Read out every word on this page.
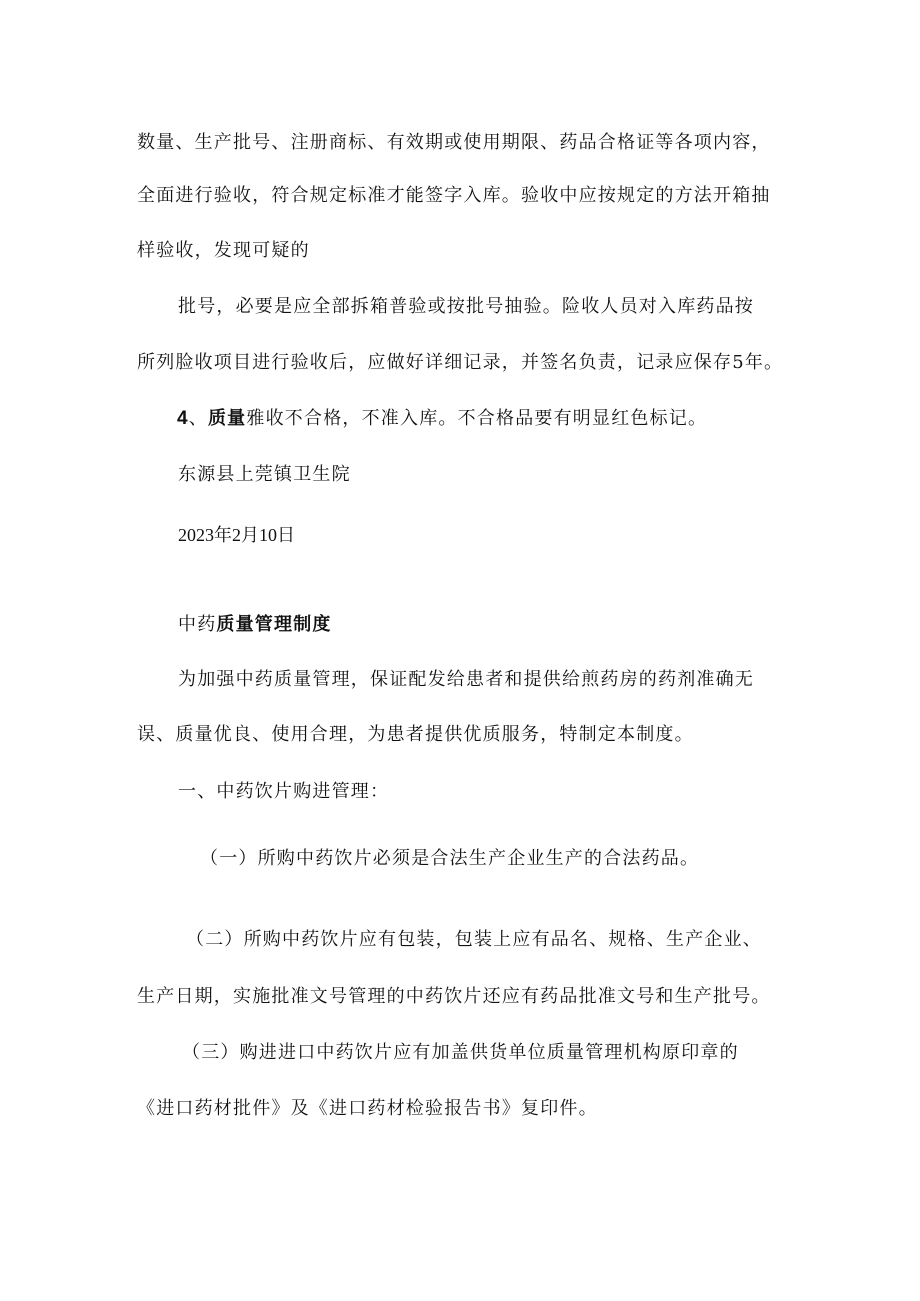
数量、生产批号、注册商标、有效期或使用期限、药品合格证等各项内容，
全面进行验收，符合规定标准才能签字入库。验收中应按规定的方法开箱抽
样验收，发现可疑的
批号，必要是应全部拆箱普验或按批号抽验。险收人员对入库药品按
所列脸收项目进行验收后，应做好详细记录，并签名负责，记录应保存5年。
4、质量雅收不合格，不准入库。不合格品要有明显红色标记。
东源县上莞镇卫生院
2023年2月10日
中药质量管理制度
为加强中药质量管理，保证配发给患者和提供给煎药房的药剂准确无
误、质量优良、使用合理，为患者提供优质服务，特制定本制度。
一、中药饮片购进管理：
（一）所购中药饮片必须是合法生产企业生产的合法药品。
（二）所购中药饮片应有包装，包装上应有品名、规格、生产企业、
生产日期，实施批准文号管理的中药饮片还应有药品批准文号和生产批号。
（三）购进进口中药饮片应有加盖供货单位质量管理机构原印章的
《进口药材批件》及《进口药材检验报告书》复印件。
